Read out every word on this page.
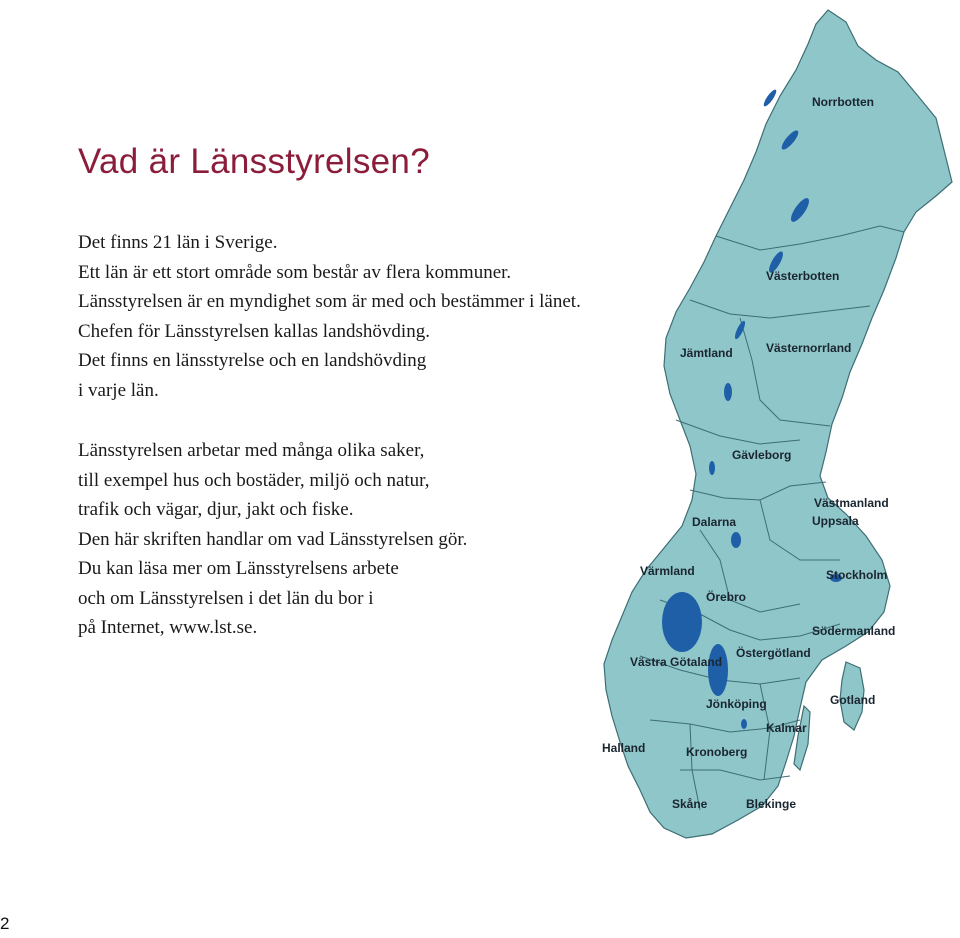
Vad är Länsstyrelsen?
Det finns 21 län i Sverige.
Ett län är ett stort område som består av flera kommuner.
Länsstyrelsen är en myndighet som är med och bestämmer i länet.
Chefen för Länsstyrelsen kallas landshövding.
Det finns en länsstyrelse och en landshövding
i varje län.
Länsstyrelsen arbetar med många olika saker,
till exempel hus och bostäder, miljö och natur,
trafik och vägar, djur, jakt och fiske.
Den här skriften handlar om vad Länsstyrelsen gör.
Du kan läsa mer om Länsstyrelsens arbete
och om Länsstyrelsen i det län du bor i
på Internet, www.lst.se.
Norrbotten
Västerbotten
Jämtland	Västernorrland
Gävleborg
Västmanland
Uppsala
Dalarna
Värmland	Stockholm
Örebro
Södermanland
Östergötland
Västra Götaland
Gotland
Jönköping
Kalmar
Halland	Kronoberg
Skåne	Blekinge
2
